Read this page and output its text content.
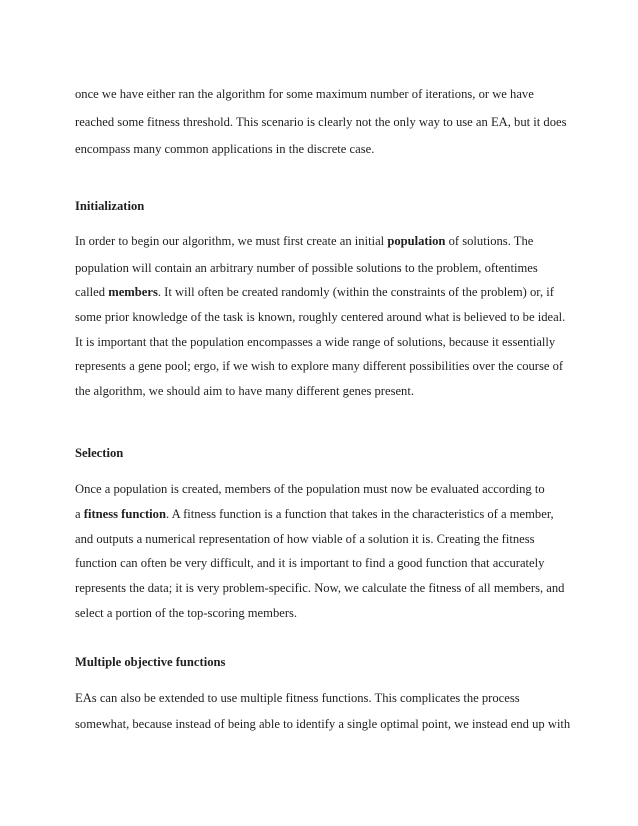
once we have either ran the algorithm for some maximum number of iterations, or we have
reached some fitness threshold. This scenario is clearly not the only way to use an EA, but it does
encompass many common applications in the discrete case.
Initialization
In order to begin our algorithm, we must first create an initial population of solutions. The
population will contain an arbitrary number of possible solutions to the problem, oftentimes
called members. It will often be created randomly (within the constraints of the problem) or, if
some prior knowledge of the task is known, roughly centered around what is believed to be ideal.
It is important that the population encompasses a wide range of solutions, because it essentially
represents a gene pool; ergo, if we wish to explore many different possibilities over the course of
the algorithm, we should aim to have many different genes present.
Selection
Once a population is created, members of the population must now be evaluated according to
a fitness function. A fitness function is a function that takes in the characteristics of a member,
and outputs a numerical representation of how viable of a solution it is. Creating the fitness
function can often be very difficult, and it is important to find a good function that accurately
represents the data; it is very problem-specific. Now, we calculate the fitness of all members, and
select a portion of the top-scoring members.
Multiple objective functions
EAs can also be extended to use multiple fitness functions. This complicates the process
somewhat, because instead of being able to identify a single optimal point, we instead end up with
